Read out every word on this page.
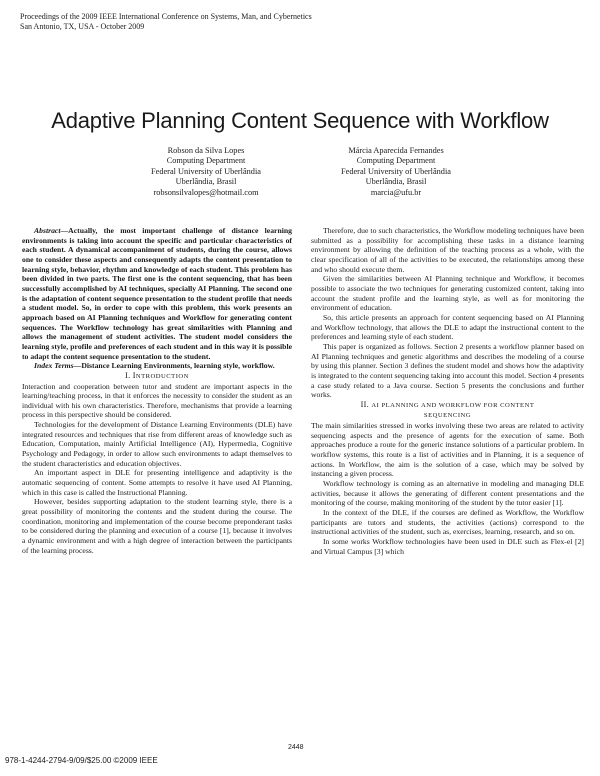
Proceedings of the 2009 IEEE International Conference on Systems, Man, and Cybernetics
San Antonio, TX, USA - October 2009
Adaptive Planning Content Sequence with Workflow
Robson da Silva Lopes
Computing Department
Federal University of Uberlândia
Uberlândia, Brasil
robsonsilvalopes@hotmail.com
Márcia Aparecida Fernandes
Computing Department
Federal University of Uberlândia
Uberlândia, Brasil
marcia@ufu.br

Abstract—Actually, the most important challenge of distance learning environments is taking into account the specific and particular characteristics of each student. A dynamical accompaniment of students, during the course, allows one to consider these aspects and consequently adapts the content presentation to learning style, behavior, rhythm and knowledge of each student. This problem has been divided in two parts. The first one is the content sequencing, that has been successfully accomplished by AI techniques, specially AI Planning. The second one is the adaptation of content sequence presentation to the student profile that needs a student model. So, in order to cope with this problem, this work presents an approach based on AI Planning techniques and Workflow for generating content sequences. The Workflow technology has great similarities with Planning and allows the management of student activities. The student model considers the learning style, profile and preferences of each student and in this way it is possible to adapt the content sequence presentation to the student.

Index Terms—Distance Learning Environments, learning style, workflow.

I. INTRODUCTION

Interaction and cooperation between tutor and student are important aspects in the learning/teaching process, in that it enforces the necessity to consider the student as an individual with his own characteristics. Therefore, mechanisms that provide a learning process in this perspective should be considered.

Technologies for the development of Distance Learning Environments (DLE) have integrated resources and techniques that rise from different areas of knowledge such as Education, Computation, mainly Artificial Intelligence (AI), Hypermedia, Cognitive Psychology and Pedagogy, in order to allow such environments to adapt themselves to the student characteristics and education objectives.

An important aspect in DLE for presenting intelligence and adaptivity is the automatic sequencing of content. Some attempts to resolve it have used AI Planning, which in this case is called the Instructional Planning.

However, besides supporting adaptation to the student learning style, there is a great possibility of monitoring the contents and the student during the course. The coordination, monitoring and implementation of the course become preponderant tasks to be considered during the planning and execution of a course [1], because it involves a dynamic environment and with a high degree of interaction between the participants of the learning process.

Therefore, due to such characteristics, the Workflow modeling techniques have been submitted as a possibility for accomplishing these tasks in a distance learning environment by allowing the definition of the teaching process as a whole, with the clear specification of all of the activities to be executed, the relationships among these and who should execute them.

Given the similarities between AI Planning technique and Workflow, it becomes possible to associate the two techniques for generating customized content, taking into account the student profile and the learning style, as well as for monitoring the environment of education.

So, this article presents an approach for content sequencing based on AI Planning and Workflow technology, that allows the DLE to adapt the instructional content to the preferences and learning style of each student.

This paper is organized as follows. Section 2 presents a workflow planner based on AI Planning techniques and genetic algorithms and describes the modeling of a course by using this planner. Section 3 defines the student model and shows how the adaptivity is integrated to the content sequencing taking into account this model. Section 4 presents a case study related to a Java course. Section 5 presents the conclusions and further works.

II. AI PLANNING AND WORKFLOW FOR CONTENT
SEQUENCING

The main similarities stressed in works involving these two areas are related to activity sequencing aspects and the presence of agents for the execution of same. Both approaches produce a route for the generic instance solutions of a particular problem. In workflow systems, this route is a list of activities and in Planning, it is a sequence of actions. In Workflow, the aim is the solution of a case, which may be solved by instancing a given process.

Workflow technology is coming as an alternative in modeling and managing DLE activities, because it allows the generating of different content presentations and the monitoring of the course, making monitoring of the student by the tutor easier [1].

In the context of the DLE, if the courses are defined as Workflow, the Workflow participants are tutors and students, the activities (actions) correspond to the instructional activities of the student, such as, exercises, learning, research, and so on.

In some works Workflow technologies have been used in DLE such as Flex-el [2] and Virtual Campus [3] which

2448
978-1-4244-2794-9/09/$25.00 ©2009 IEEE
